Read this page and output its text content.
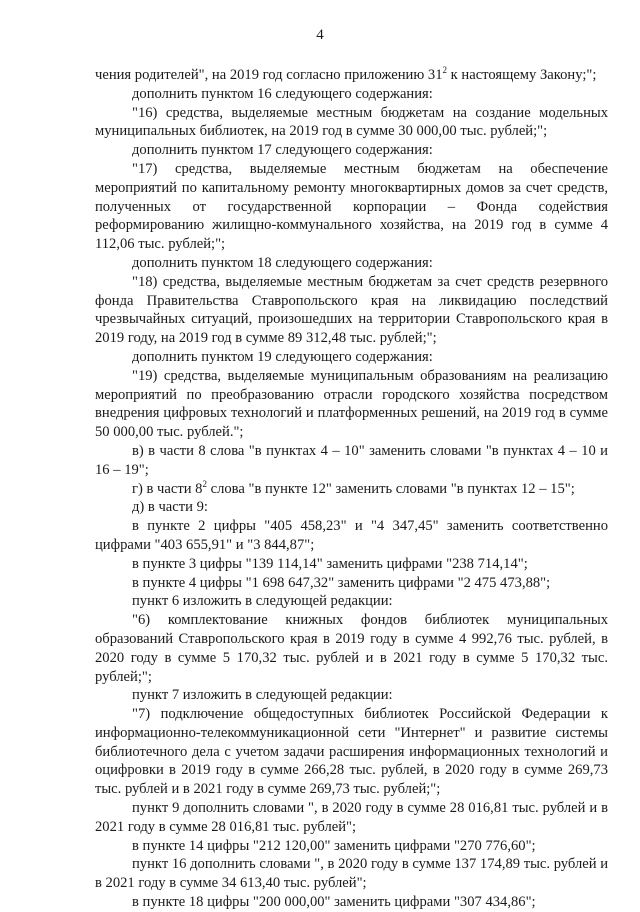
4

чения родителей", на 2019 год согласно приложению $31^2$ к настоящему Закону;";

дополнить пунктом 16 следующего содержания:

"16) средства, выделяемые местным бюджетам на создание модельных муниципальных библиотек, на 2019 год в сумме 30 000,00 тыс. рублей;";

дополнить пунктом 17 следующего содержания:

"17) средства, выделяемые местным бюджетам на обеспечение мероприятий по капитальному ремонту многоквартирных домов за счет средств, полученных от государственной корпорации – Фонда содействия реформированию жилищно-коммунального хозяйства, на 2019 год в сумме 4 112,06 тыс. рублей;";

дополнить пунктом 18 следующего содержания:

"18) средства, выделяемые местным бюджетам за счет средств резервного фонда Правительства Ставропольского края на ликвидацию последствий чрезвычайных ситуаций, произошедших на территории Ставропольского края в 2019 году, на 2019 год в сумме 89 312,48 тыс. рублей;";

дополнить пунктом 19 следующего содержания:

"19) средства, выделяемые муниципальным образованиям на реализацию мероприятий по преобразованию отрасли городского хозяйства посредством внедрения цифровых технологий и платформенных решений, на 2019 год в сумме 50 000,00 тыс. рублей.";

в) в части 8 слова "в пунктах 4 – 10" заменить словами "в пунктах 4 – 10 и 16 – 19";

г) в части $8^2$ слова "в пункте 12" заменить словами "в пунктах 12 – 15";

д) в части 9:

в пункте 2 цифры "405 458,23" и "4 347,45" заменить соответственно цифрами "403 655,91" и "3 844,87";

в пункте 3 цифры "139 114,14" заменить цифрами "238 714,14";

в пункте 4 цифры "1 698 647,32" заменить цифрами "2 475 473,88";

пункт 6 изложить в следующей редакции:

"6) комплектование книжных фондов библиотек муниципальных образований Ставропольского края в 2019 году в сумме 4 992,76 тыс. рублей, в 2020 году в сумме 5 170,32 тыс. рублей и в 2021 году в сумме 5 170,32 тыс. рублей;";

пункт 7 изложить в следующей редакции:

"7) подключение общедоступных библиотек Российской Федерации к информационно-телекоммуникационной сети "Интернет" и развитие системы библиотечного дела с учетом задачи расширения информационных технологий и оцифровки в 2019 году в сумме 266,28 тыс. рублей, в 2020 году в сумме 269,73 тыс. рублей и в 2021 году в сумме 269,73 тыс. рублей;";

пункт 9 дополнить словами ", в 2020 году в сумме 28 016,81 тыс. рублей и в 2021 году в сумме 28 016,81 тыс. рублей";

в пункте 14 цифры "212 120,00" заменить цифрами "270 776,60";

пункт 16 дополнить словами ", в 2020 году в сумме 137 174,89 тыс. рублей и в 2021 году в сумме 34 613,40 тыс. рублей";

в пункте 18 цифры "200 000,00" заменить цифрами "307 434,86";
